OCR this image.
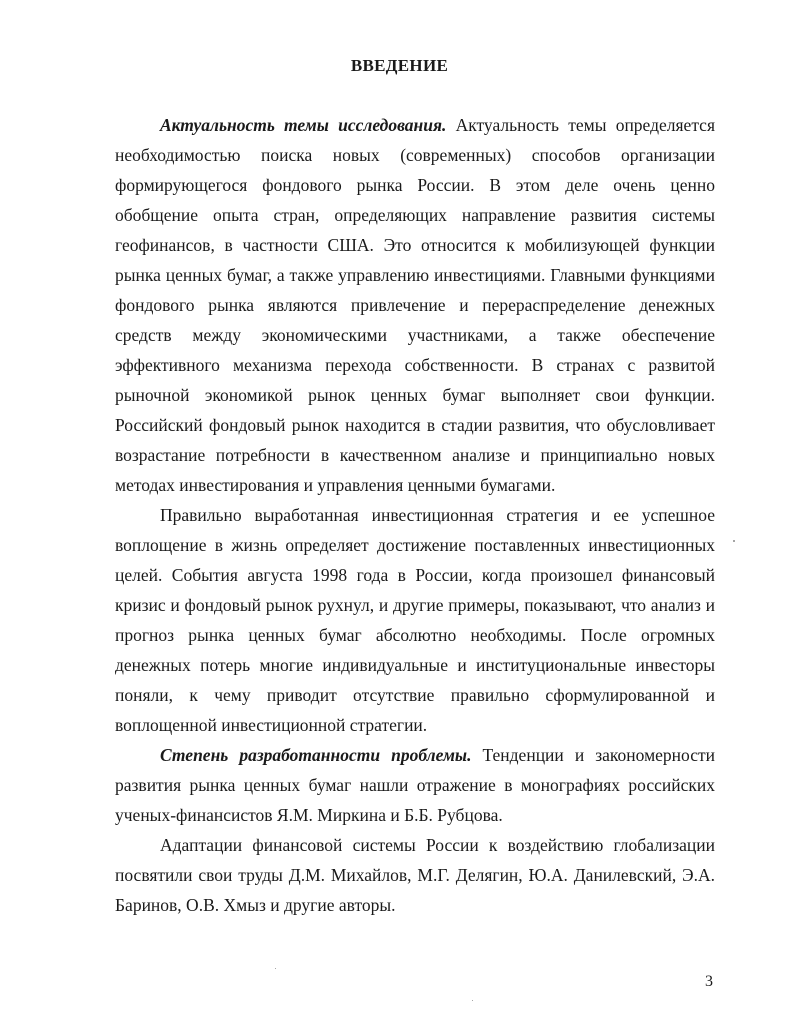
ВВЕДЕНИЕ

Актуальность темы исследования. Актуальность темы определяется необходимостью поиска новых (современных) способов организации формирующегося фондового рынка России. В этом деле очень ценно обобщение опыта стран, определяющих направление развития системы геофинансов, в частности США. Это относится к мобилизующей функции рынка ценных бумаг, а также управлению инвестициями. Главными функциями фондового рынка являются привлечение и перераспределение денежных средств между экономическими участниками, а также обеспечение эффективного механизма перехода собственности. В странах с развитой рыночной экономикой рынок ценных бумаг выполняет свои функции. Российский фондовый рынок находится в стадии развития, что обусловливает возрастание потребности в качественном анализе и принципиально новых методах инвестирования и управления ценными бумагами.

Правильно выработанная инвестиционная стратегия и ее успешное воплощение в жизнь определяет достижение поставленных инвестиционных целей. События августа 1998 года в России, когда произошел финансовый кризис и фондовый рынок рухнул, и другие примеры, показывают, что анализ и прогноз рынка ценных бумаг абсолютно необходимы. После огромных денежных потерь многие индивидуальные и институциональные инвесторы поняли, к чему приводит отсутствие правильно сформулированной и воплощенной инвестиционной стратегии.

Степень разработанности проблемы. Тенденции и закономерности развития рынка ценных бумаг нашли отражение в монографиях российских ученых-финансистов Я.М. Миркина и Б.Б. Рубцова.

Адаптации финансовой системы России к воздействию глобализации посвятили свои труды Д.М. Михайлов, М.Г. Делягин, Ю.А. Данилевский, Э.А. Баринов, О.В. Хмыз и другие авторы.

3
